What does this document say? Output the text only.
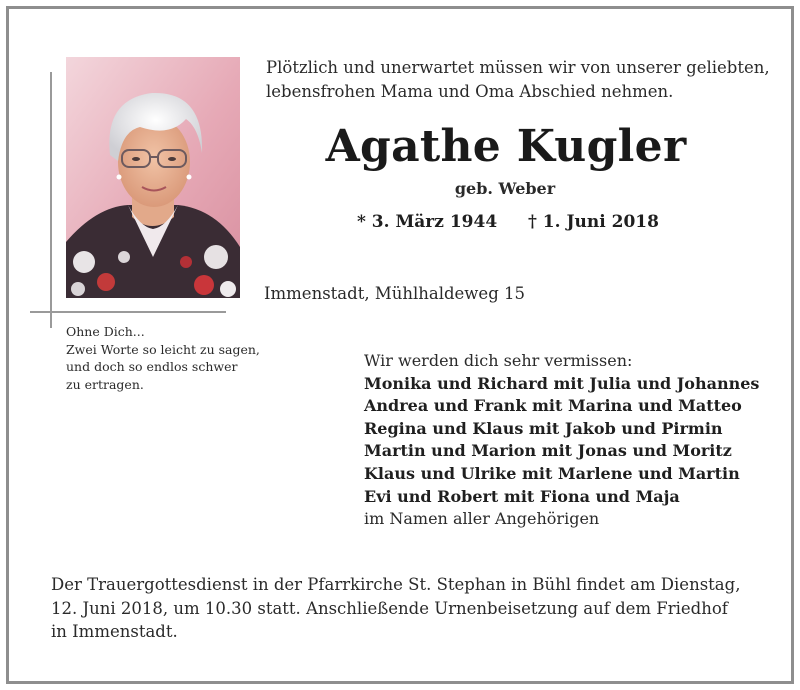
Plötzlich und unerwartet müssen wir von unserer geliebten,
lebensfrohen Mama und Oma Abschied nehmen.
Agathe Kugler
geb. Weber
* 3. März 1944 † 1. Juni 2018
Immenstadt, Mühlhaldeweg 15
Ohne Dich...
Zwei Worte so leicht zu sagen,
und doch so endlos schwer
zu ertragen.
Wir werden dich sehr vermissen:
Monika und Richard mit Julia und Johannes
Andrea und Frank mit Marina und Matteo
Regina und Klaus mit Jakob und Pirmin
Martin und Marion mit Jonas und Moritz
Klaus und Ulrike mit Marlene und Martin
Evi und Robert mit Fiona und Maja
im Namen aller Angehörigen
Der Trauergottesdienst in der Pfarrkirche St. Stephan in Bühl findet am Dienstag,
12. Juni 2018, um 10.30 statt. Anschließende Urnenbeisetzung auf dem Friedhof
in Immenstadt.
